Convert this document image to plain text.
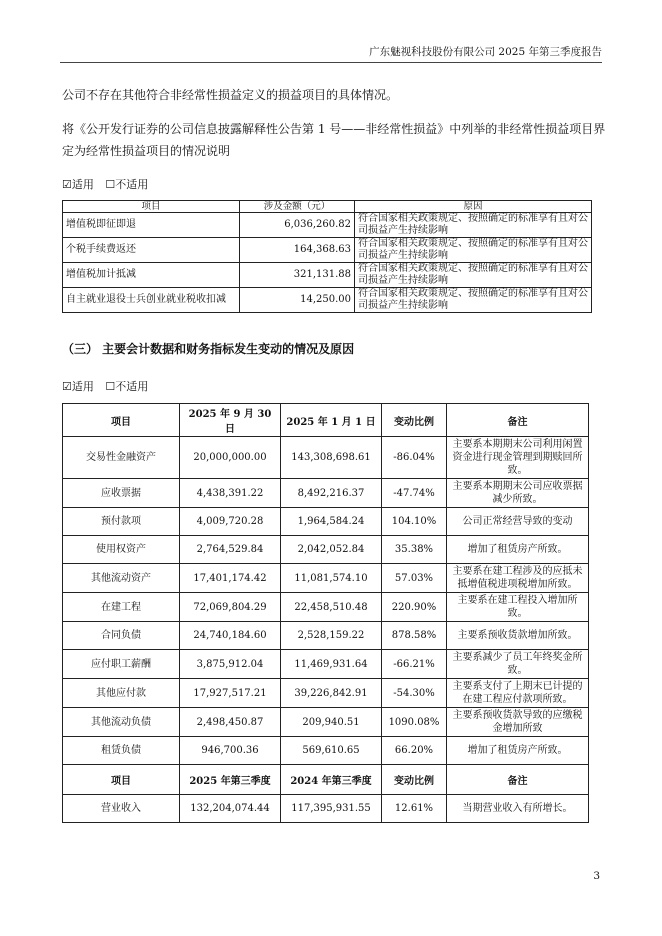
广东魅视科技股份有限公司 2025 年第三季度报告
公司不存在其他符合非经常性损益定义的损益项目的具体情况。
将《公开发行证券的公司信息披露解释性公告第 1 号——非经常性损益》中列举的非经常性损益项目界
定为经常性损益项目的情况说明
☑适用 ☐不适用
项目	涉及金额（元）	原因
增值税即征即退	6,036,260.82	符合国家相关政策规定、按照确定的标准享有且对公司损益产生持续影响
个税手续费返还	164,368.63	符合国家相关政策规定、按照确定的标准享有且对公司损益产生持续影响
增值税加计抵减	321,131.88	符合国家相关政策规定、按照确定的标准享有且对公司损益产生持续影响
自主就业退役士兵创业就业税收扣减	14,250.00	符合国家相关政策规定、按照确定的标准享有且对公司损益产生持续影响
（三） 主要会计数据和财务指标发生变动的情况及原因
☑适用 ☐不适用
项目	2025 年 9 月 30 日	2025 年 1 月 1 日	变动比例	备注
交易性金融资产	20,000,000.00	143,308,698.61	-86.04%	主要系本期期末公司利用闲置资金进行现金管理到期赎回所致。
应收票据	4,438,391.22	8,492,216.37	-47.74%	主要系本期期末公司应收票据减少所致。
预付款项	4,009,720.28	1,964,584.24	104.10%	公司正常经营导致的变动
使用权资产	2,764,529.84	2,042,052.84	35.38%	增加了租赁房产所致。
其他流动资产	17,401,174.42	11,081,574.10	57.03%	主要系在建工程涉及的应抵未抵增值税进项税增加所致。
在建工程	72,069,804.29	22,458,510.48	220.90%	主要系在建工程投入增加所致。
合同负债	24,740,184.60	2,528,159.22	878.58%	主要系预收货款增加所致。
应付职工薪酬	3,875,912.04	11,469,931.64	-66.21%	主要系减少了员工年终奖金所致。
其他应付款	17,927,517.21	39,226,842.91	-54.30%	主要系支付了上期末已计提的在建工程应付款项所致。
其他流动负债	2,498,450.87	209,940.51	1090.08%	主要系预收货款导致的应缴税金增加所致
租赁负债	946,700.36	569,610.65	66.20%	增加了租赁房产所致。
项目	2025 年第三季度	2024 年第三季度	变动比例	备注
营业收入	132,204,074.44	117,395,931.55	12.61%	当期营业收入有所增长。
3
